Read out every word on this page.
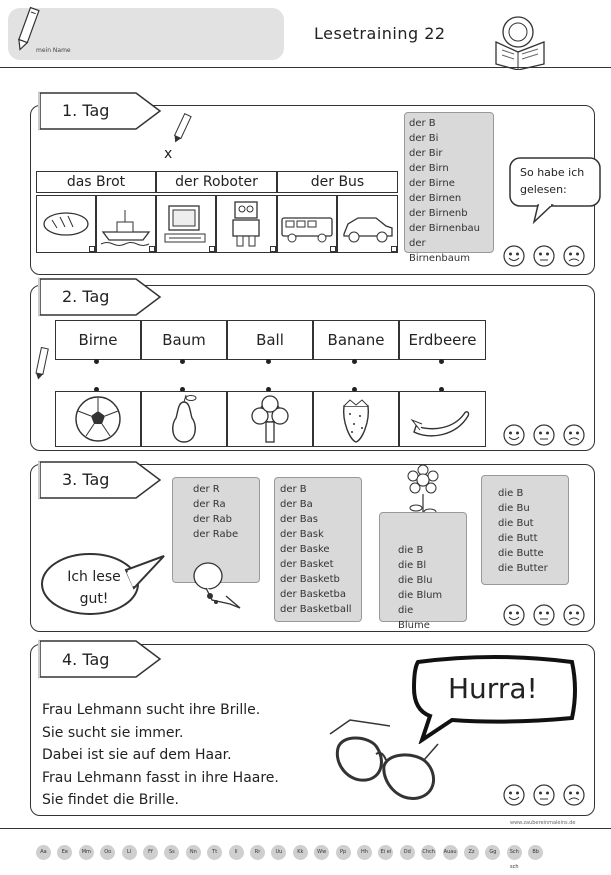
mein Name
Lesetraining 22
1. Tag
x
das Brot	der Roboter	der Bus
der B
der Bi
der Bir
der Birn
der Birne
der Birnen
der Birnenb
der Birnenbau
der Birnenbaum
So habe ich gelesen:
2. Tag
Birne	Baum	Ball	Banane	Erdbeere
3. Tag
Ich lese gut!
der R
der Ra
der Rab
der Rabe
der B
der Ba
der Bas
der Bask
der Baske
der Basket
der Basketb
der Basketba
der Basketball
die B
die Bl
die Blu
die Blum
die Blume
die B
die Bu
die But
die Butt
die Butte
die Butter
4. Tag
Hurra!
Frau Lehmann sucht ihre Brille.
Sie sucht sie immer.
Dabei ist sie auf dem Haar.
Frau Lehmann fasst in ihre Haare.
Sie findet die Brille.
www.zaubereinmaleins.de
Aa	Ee	Mm	Oo	Ll	Ff	Ss	Nn	Tt	Ii	Rr	Uu	Kk	Ww	Pp	Hh	Ei ei	Dd	Chch Auau	Zz	Gg	Sch sch
Bb
